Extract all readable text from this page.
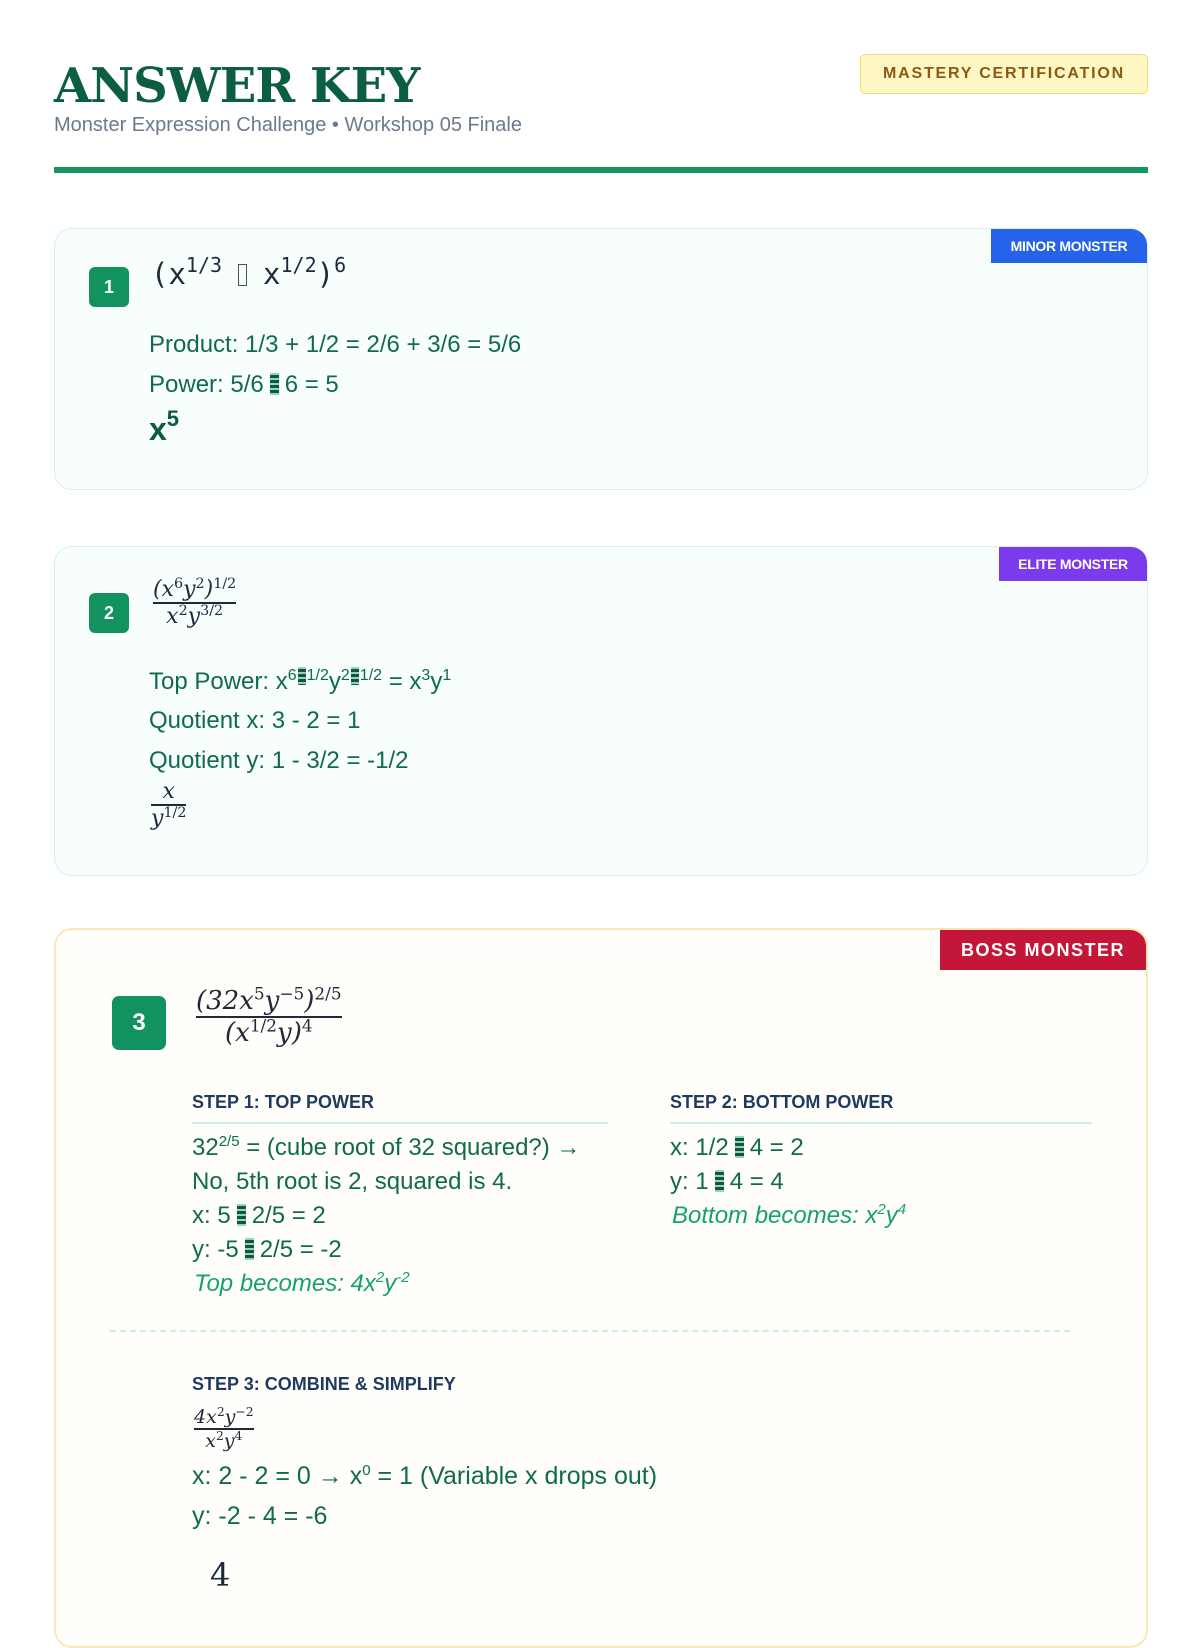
ANSWER KEY
Monster Expression Challenge • Workshop 05 Finale
MASTERY CERTIFICATION
MINOR MONSTER
1	($x^{1/3}$ $x^{1/2})^6$
Product: 1/3 + 1/2 = 2/6 + 3/6 = 5/6
Power: 5/6 6 = 5
$x^5$
ELITE MONSTER
2
$(x^6y^2)^{1/2}$
$x^2y^{3/2}$
Top Power: $x^6$ $^{1/2}y^2$ $^{1/2} = x^3y^1$
Quotient x: 3 - 2 = 1
Quotient y: 1 - 3/2 = -1/2
x
$y^{1/2}$
BOSS MONSTER
3
$(32x^5y^{-5})^{2/5}$
$(x^{1/2}y)^4$
STEP 1: TOP POWER
$32^{2/5}$ = (cube root of 32 squared?) →
No, 5th root is 2, squared is 4.
x: 5 2/5 = 2
y: -5 2/5 = -2
Top becomes: $4x^2y^{-2}$
STEP 2: BOTTOM POWER
x: 1/2 4 = 2
y: 1 4 = 4
Bottom becomes: $x^2y^4$
STEP 3: COMBINE & SIMPLIFY
$4x^2y^{-2}$
$x^2y^4$
x: $2 - 2 = 0 \to x^0 = 1$ (Variable x drops out)
y: -2 - 4 = -6
4
